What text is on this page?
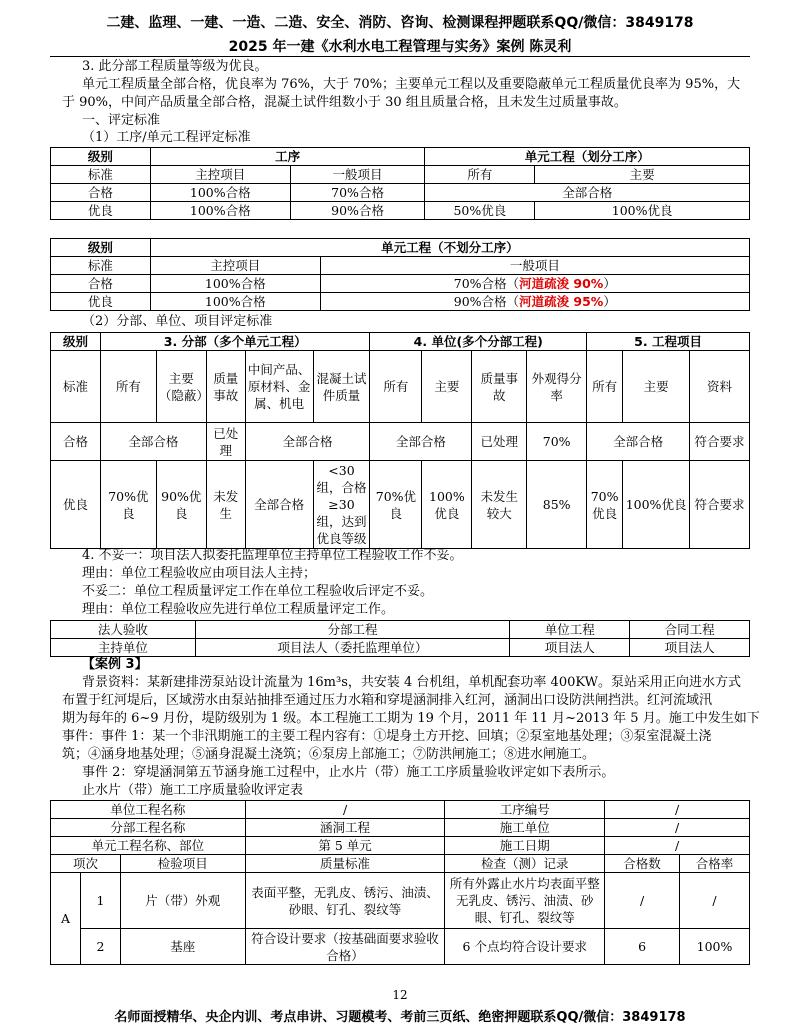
二建、监理、一建、一造、二造、安全、消防、咨询、检测课程押题联系QQ/微信：3849178
2025 年一建《水利水电工程管理与实务》案例 陈灵利
3. 此分部工程质量等级为优良。
单元工程质量全部合格，优良率为 76%，大于 70%；主要单元工程以及重要隐蔽单元工程质量优良率为 95%，大
于 90%，中间产品质量全部合格，混凝土试件组数小于 30 组且质量合格，且未发生过质量事故。
一、评定标准
（1）工序/单元工程评定标准
级别	工序		单元工程（划分工序）	
标准	主控项目	一般项目	所有	主要
合格	100%合格	70%合格	全部合格	
优良	100%合格	90%合格	50%优良	100%优良
级别	单元工程（不划分工序）	
标准	主控项目	一般项目
合格	100%合格	70%合格（河道疏浚 90%）
优良	100%合格	90%合格（河道疏浚 95%）
（2）分部、单位、项目评定标准
级别	3. 分部（多个单元工程）					4. 单位(多个分部工程)				5. 工程项目		
标准	所有	主要（隐蔽）	质量事故	中间产品、原材料、金属、机电	混凝土试件质量	所有	主要	质量事故	外观得分率	所有	主要	资料
合格	全部合格		已处理	全部合格		全部合格		已处理	70%	全部合格		符合要求
优良	70%优良	90%优良	未发生	全部合格	<30 组，合格 ≥30 组，达到优良等级	70%优良	100%优良	未发生较大	85%	70%优良	100%优良	符合要求
4. 不妥一：项目法人拟委托监理单位主持单位工程验收工作不妥。
理由：单位工程验收应由项目法人主持；
不妥二：单位工程质量评定工作在单位工程验收后评定不妥。
理由：单位工程验收应先进行单位工程质量评定工作。
法人验收	分部工程	单位工程	合同工程
主持单位	项目法人（委托监理单位）	项目法人	项目法人
【案例 3】
背景资料：某新建排涝泵站设计流量为 16m³s，共安装 4 台机组，单机配套功率 400KW。泵站采用正向进水方式
布置于红河堤后，区域涝水由泵站抽排至通过压力水箱和穿堤涵洞排入红河，涵洞出口设防洪闸挡洪。红河流域汛
期为每年的 6~9 月份，堤防级别为 1 级。本工程施工工期为 19 个月，2011 年 11 月~2013 年 5 月。施工中发生如下
事件：事件 1：某一个非汛期施工的主要工程内容有：①堤身土方开挖、回填；②泵室地基处理；③泵室混凝土浇
筑；④涵身地基处理；⑤涵身混凝土浇筑；⑥泵房上部施工；⑦防洪闸施工；⑧进水闸施工。
事件 2：穿堤涵洞第五节涵身施工过程中，止水片（带）施工工序质量验收评定如下表所示。
止水片（带）施工工序质量验收评定表
单位工程名称			/	工序编号	/	
分部工程名称			涵洞工程	施工单位	/	
单元工程名称、部位			第 5 单元	施工日期	/	
项次		检验项目	质量标准	检查（测）记录	合格数	合格率
A	1	片（带）外观	表面平整，无乳皮、锈污、油渍、砂眼、钉孔、裂纹等	所有外露止水片均表面平整无乳皮、锈污、油渍、砂眼、钉孔、裂纹等	/	/
	2	基座	符合设计要求（按基础面要求验收合格）	6 个点均符合设计要求	6	100%
12
名师面授精华、央企内训、考点串讲、习题模考、考前三页纸、绝密押题联系QQ/微信：3849178
